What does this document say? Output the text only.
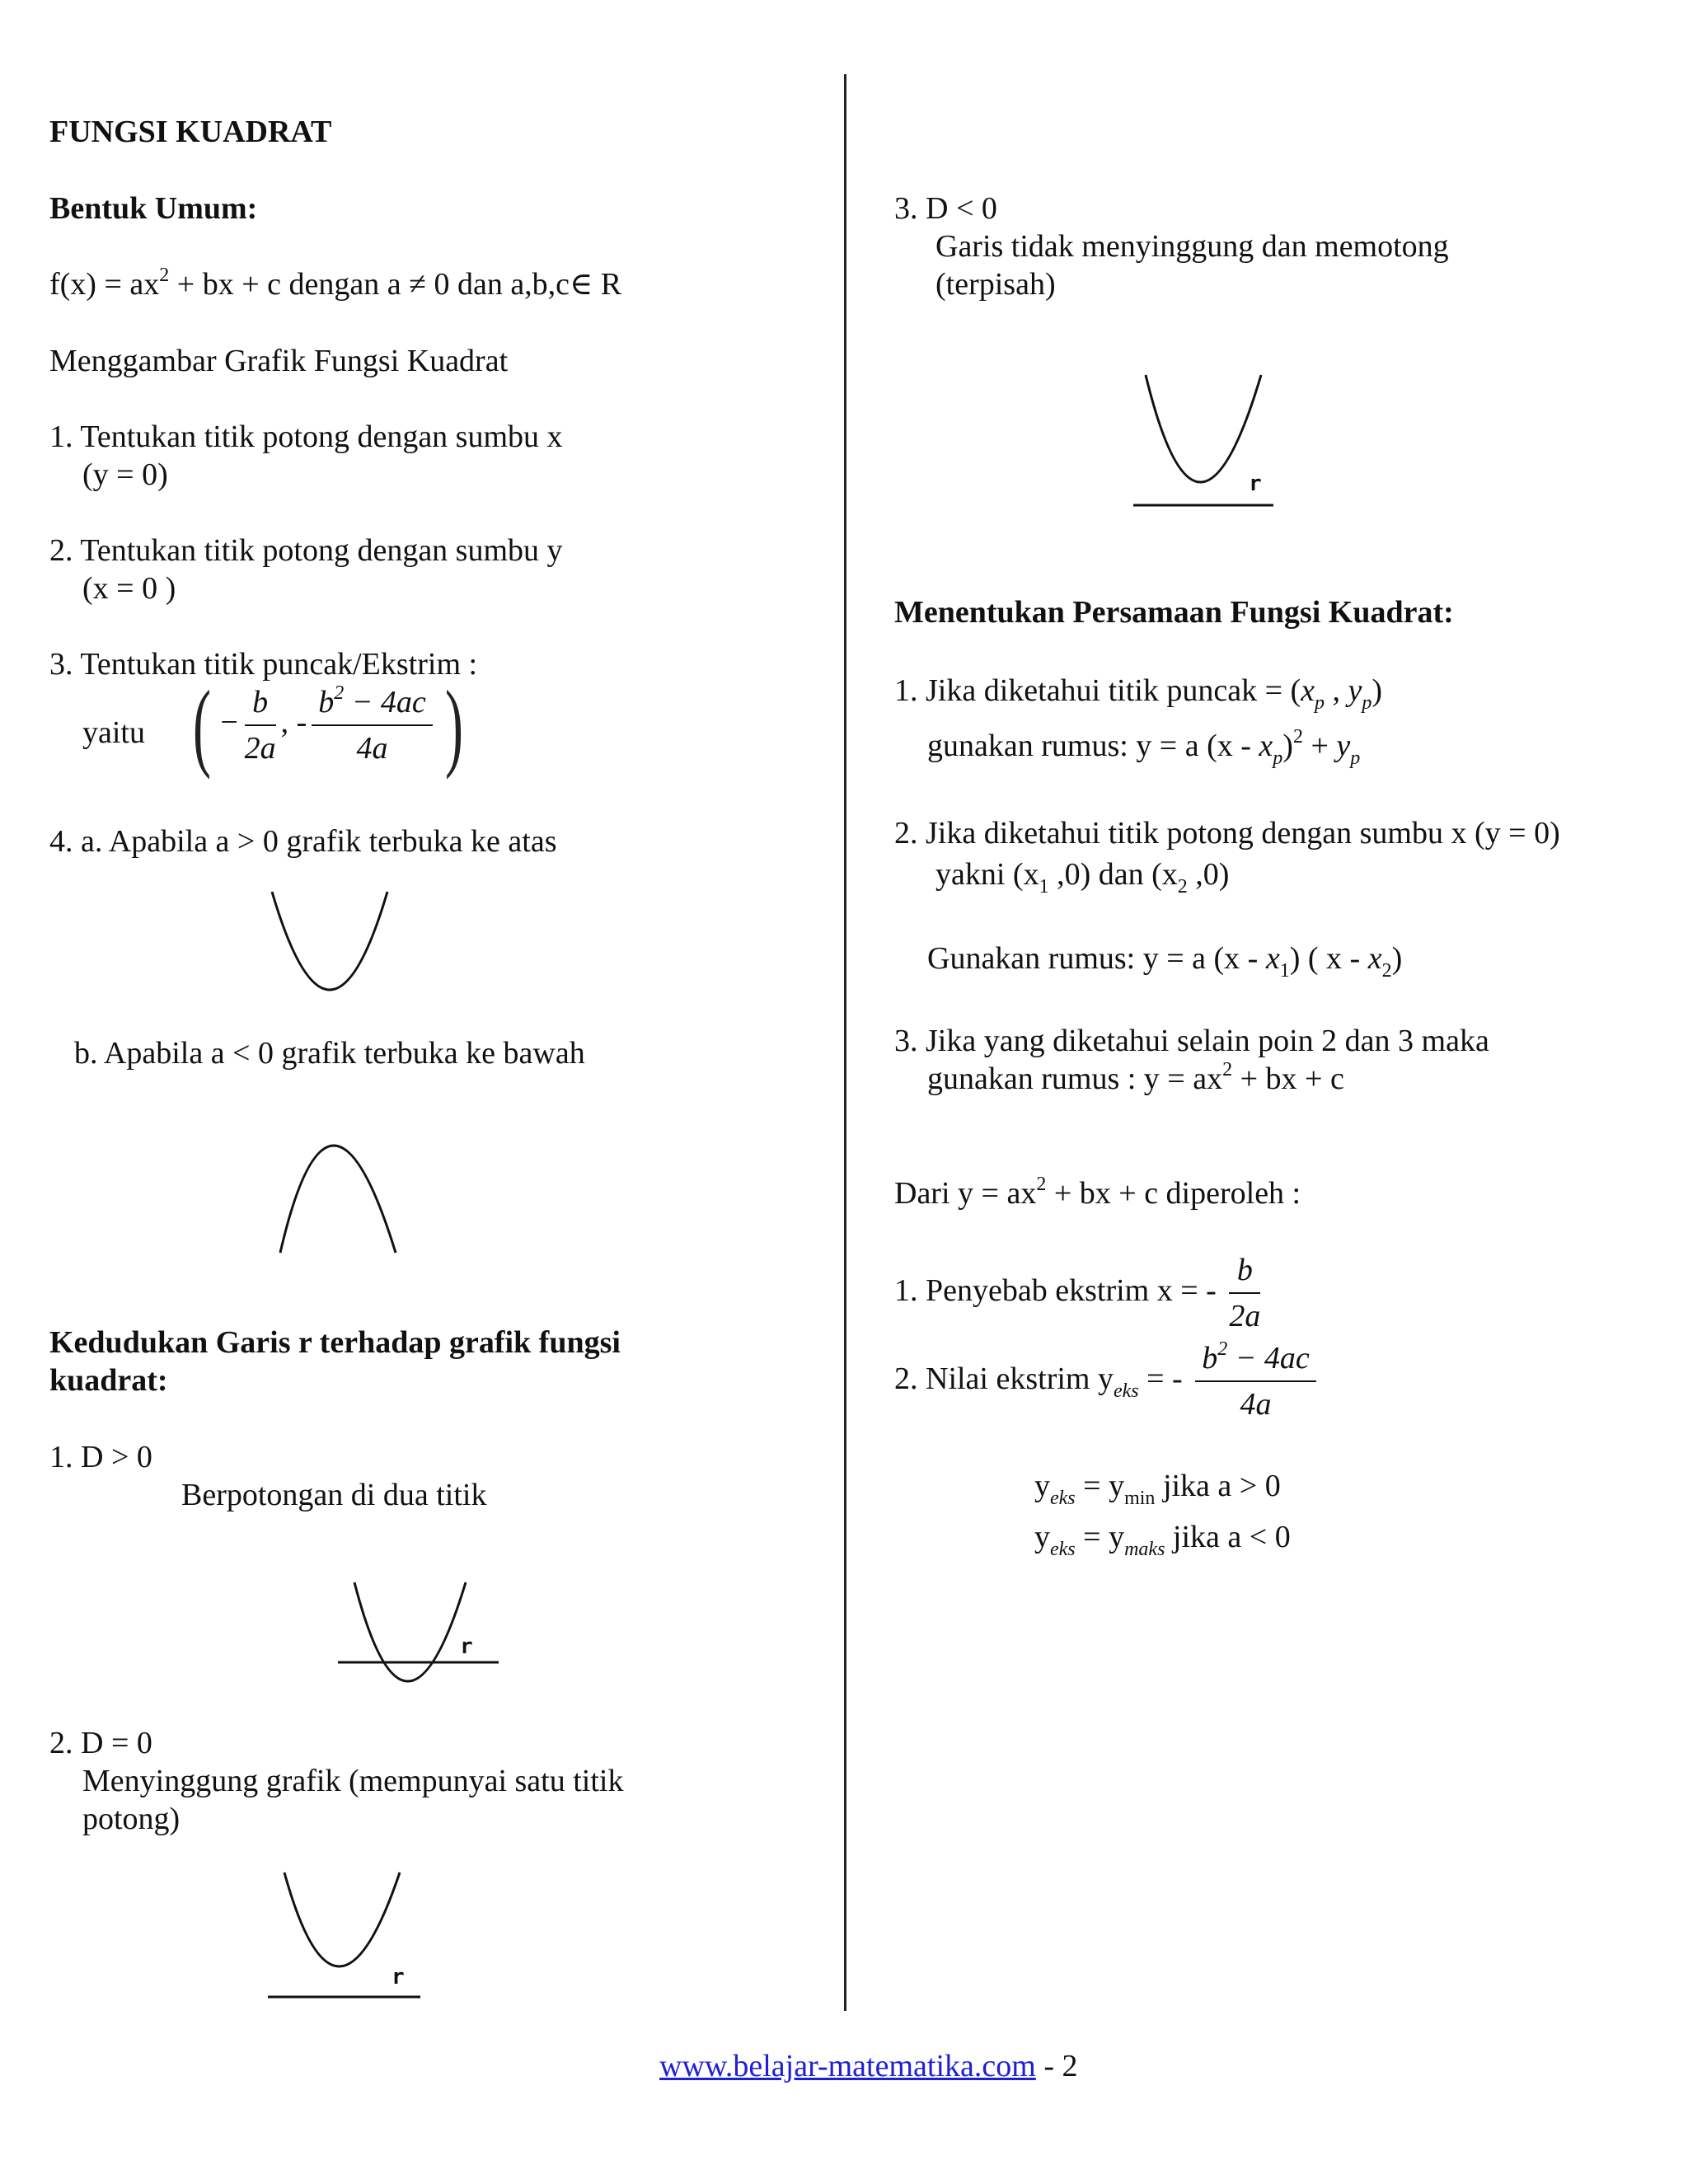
FUNGSI KUADRAT
Bentuk Umum:
$f(x) = ax^2$ + bx + c dengan a ≠ 0 dan a,b,c∈ R
Menggambar Grafik Fungsi Kuadrat
1. Tentukan titik potong dengan sumbu x
(y = 0)
2. Tentukan titik potong dengan sumbu y
(x = 0 )
3. Tentukan titik puncak/Ekstrim :
yaitu ( − $\frac{b}{2a}$ , - $\frac{b^2 - 4ac}{4a}$ )
4. a. Apabila a > 0 grafik terbuka ke atas
b. Apabila a < 0 grafik terbuka ke bawah
Kedudukan Garis r terhadap grafik fungsi
kuadrat:
1. D > 0
Berpotongan di dua titik
r
2. D = 0
Menyinggung grafik (mempunyai satu titik
potong)
r
3. D < 0
Garis tidak menyinggung dan memotong
(terpisah)
r
Menentukan Persamaan Fungsi Kuadrat:
1. Jika diketahui titik puncak = ($x_p$ , $y_p$)
gunakan rumus: y = a $(x - x_p)^2 + y_p$
2. Jika diketahui titik potong dengan sumbu x (y = 0)
yakni ($x_1$ ,0) dan ($x_2$ ,0)
Gunakan rumus: y = a $(x - x_1)$ ( x - $x_2$)
3. Jika yang diketahui selain poin 2 dan 3 maka
gunakan rumus : $y = ax^2$ + bx + c
Dari $y = ax^2$ + bx + c diperoleh :
1. Penyebab ekstrim x = - $\frac{b}{2a}$
2. Nilai ekstrim $y_{eks}$ = - $\frac{b^2 - 4ac}{4a}$
$y_{eks} = y_{min}$ jika a > 0
$y_{eks} = y_{maks}$ jika a < 0
www.belajar-matematika.com - 2
